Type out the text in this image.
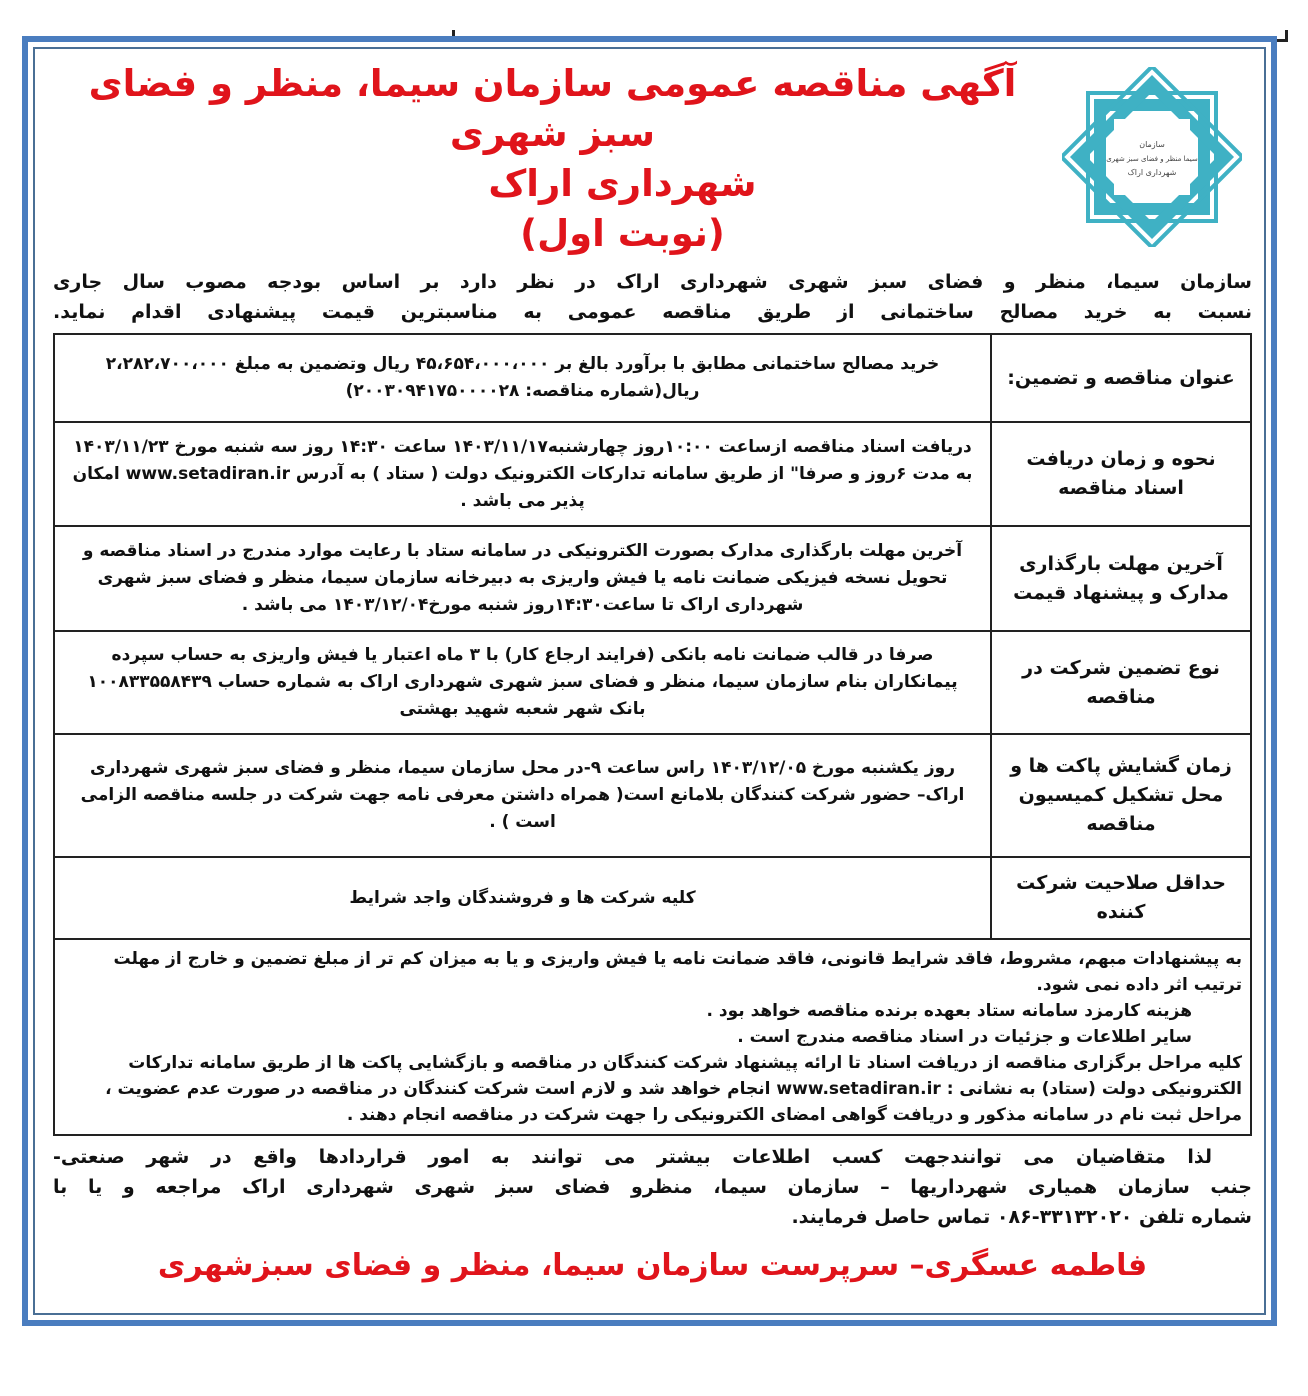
سازمان
سیما منظر و فضای سبز شهری
شهرداری اراک
آگهی مناقصه عمومی سازمان سیما، منظر و فضای سبز شهری
شهرداری اراک
(نوبت اول)
سازمان سیما، منظر و فضای سبز شهری شهرداری اراک در نظر دارد بر اساس بودجه مصوب سال جاری
نسبت به خرید مصالح ساختمانی از طریق مناقصه عمومی به مناسبترین قیمت پیشنهادی اقدام نماید.
عنوان مناقصه و تضمین:	خرید مصالح ساختمانی مطابق با برآورد بالغ بر ۴۵،۶۵۴،۰۰۰،۰۰۰ ریال وتضمین به مبلغ ۲،۲۸۲،۷۰۰،۰۰۰ ریال(شماره مناقصه: ۲۰۰۳۰۹۴۱۷۵۰۰۰۰۲۸)
نحوه و زمان دریافت اسناد مناقصه	دریافت اسناد مناقصه ازساعت ۱۰:۰۰روز چهارشنبه۱۴۰۳/۱۱/۱۷ ساعت ۱۴:۳۰ روز سه شنبه مورخ ۱۴۰۳/۱۱/۲۳ به مدت ۶روز و صرفا" از طریق سامانه تدارکات الکترونیک دولت ( ستاد ) به آدرس www.setadiran.ir امکان پذیر می باشد .
آخرین مهلت بارگذاری مدارک و پیشنهاد قیمت	آخرین مهلت بارگذاری مدارک بصورت الکترونیکی در سامانه ستاد با رعایت موارد مندرج در اسناد مناقصه و تحویل نسخه فیزیکی ضمانت نامه یا فیش واریزی به دبیرخانه سازمان سیما، منظر و فضای سبز شهری شهرداری اراک تا ساعت۱۴:۳۰روز شنبه مورخ۱۴۰۳/۱۲/۰۴ می باشد .
نوع تضمین شرکت در مناقصه	صرفا در قالب ضمانت نامه بانکی (فرایند ارجاع کار) با ۳ ماه اعتبار یا فیش واریزی به حساب سپرده پیمانکاران بنام سازمان سیما، منظر و فضای سبز شهری شهرداری اراک به شماره حساب ۱۰۰۸۳۳۵۵۸۴۳۹ بانک شهر شعبه شهید بهشتی
زمان گشایش پاکت ها و محل تشکیل کمیسیون مناقصه	روز یکشنبه مورخ ۱۴۰۳/۱۲/۰۵ راس ساعت ۹-در محل سازمان سیما، منظر و فضای سبز شهری شهرداری اراک– حضور شرکت کنندگان بلامانع است( همراه داشتن معرفی نامه جهت شرکت در جلسه مناقصه الزامی است ) .
حداقل صلاحیت شرکت کننده	کلیه شرکت ها و فروشندگان واجد شرایط

به پیشنهادات مبهم، مشروط، فاقد شرایط قانونی، فاقد ضمانت نامه یا فیش واریزی و یا به میزان کم تر از مبلغ تضمین و خارج از مهلت ترتیب اثر داده نمی شود.

هزینه کارمزد سامانه ستاد بعهده برنده مناقصه خواهد بود .

سایر اطلاعات و جزئیات در اسناد مناقصه مندرج است .

کلیه مراحل برگزاری مناقصه از دریافت اسناد تا ارائه پیشنهاد شرکت کنندگان در مناقصه و بازگشایی پاکت ها از طریق سامانه تدارکات الکترونیکی دولت (ستاد) به نشانی : www.setadiran.ir انجام خواهد شد و لازم است شرکت کنندگان در مناقصه در صورت عدم عضویت ، مراحل ثبت نام در سامانه مذکور و دریافت گواهی امضای الکترونیکی را جهت شرکت در مناقصه انجام دهند .

لذا متقاضیان می توانندجهت کسب اطلاعات بیشتر می توانند به امور قراردادها واقع در شهر صنعتی-
جنب سازمان همیاری شهرداریها – سازمان سیما، منظرو فضای سبز شهری شهرداری اراک مراجعه و یا با
شماره تلفن ۳۳۱۳۲۰۲۰-۰۸۶ تماس حاصل فرمایند.
فاطمه عسگری– سرپرست سازمان سیما، منظر و فضای سبزشهری
